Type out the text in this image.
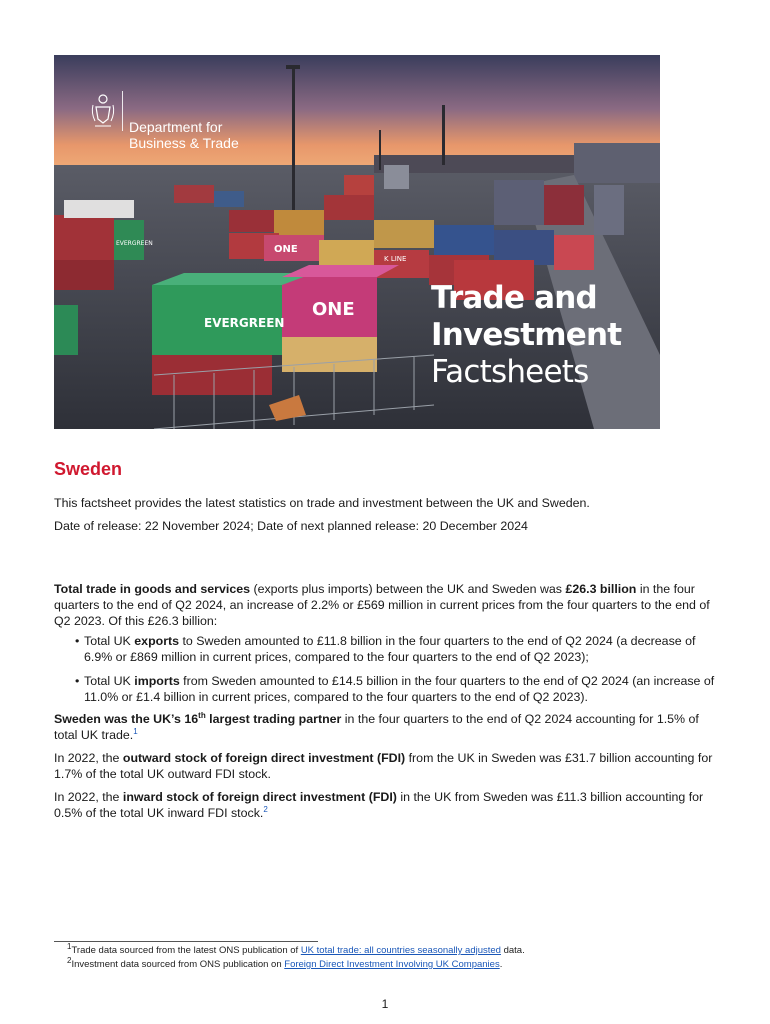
EVERGREEN
ONE
ONE
K LINE
EVERGREEN
Department for
Business & Trade
Trade and
Investment
Factsheets
Sweden
This factsheet provides the latest statistics on trade and investment between the UK and Sweden.
Date of release: 22 November 2024; Date of next planned release: 20 December 2024
Total trade in goods and services (exports plus imports) between the UK and Sweden was £26.3 billion in the four quarters to the end of Q2 2024, an increase of 2.2% or £569 million in current prices from the four quarters to the end of Q2 2023. Of this £26.3 billion:
• Total UK exports to Sweden amounted to £11.8 billion in the four quarters to the end of Q2 2024 (a decrease of 6.9% or £869 million in current prices, compared to the four quarters to the end of Q2 2023);
• Total UK imports from Sweden amounted to £14.5 billion in the four quarters to the end of Q2 2024 (an increase of 11.0% or £1.4 billion in current prices, compared to the four quarters to the end of Q2 2023).
Sweden was the UK’s 16th largest trading partner in the four quarters to the end of Q2 2024 accounting for 1.5% of total UK trade.$^1$
In 2022, the outward stock of foreign direct investment (FDI) from the UK in Sweden was £31.7 billion accounting for 1.7% of the total UK outward FDI stock.
In 2022, the inward stock of foreign direct investment (FDI) in the UK from Sweden was £11.3 billion accounting for 0.5% of the total UK inward FDI stock.$^2$
$^1$Trade data sourced from the latest ONS publication of UK total trade: all countries seasonally adjusted data.
$^2$Investment data sourced from ONS publication on Foreign Direct Investment Involving UK Companies.
1
